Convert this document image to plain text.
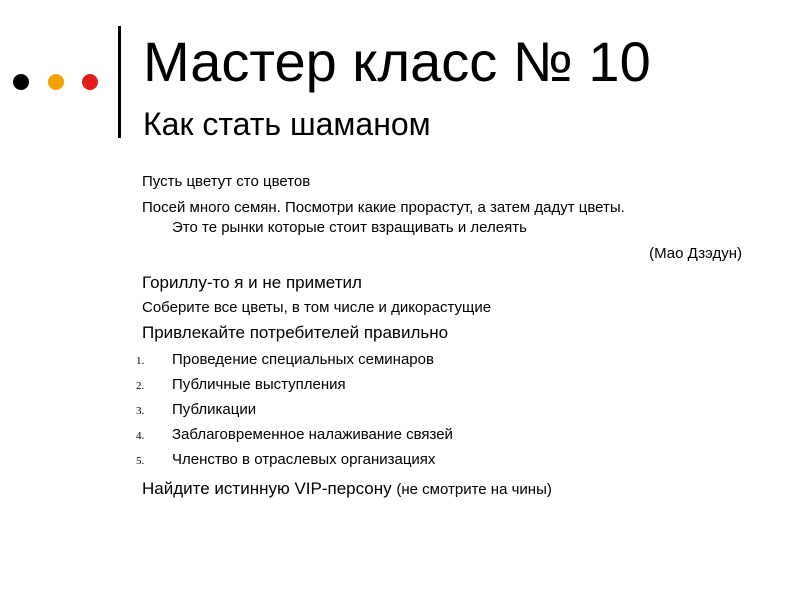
Мастер класс № 10
Как стать шаманом
Пусть цветут сто цветов
Посей много семян. Посмотри какие прорастут, а затем дадут цветы.
Это те рынки которые стоит взращивать и лелеять
(Мао Дзэдун)
Гориллу-то я и не приметил
Соберите все цветы, в том числе и дикорастущие
Привлекайте потребителей правильно
1. Проведение специальных семинаров
2. Публичные выступления
3. Публикации
4. Заблаговременное налаживание связей
5. Членство в отраслевых организациях
Найдите истинную VIP-персону (не смотрите на чины)
